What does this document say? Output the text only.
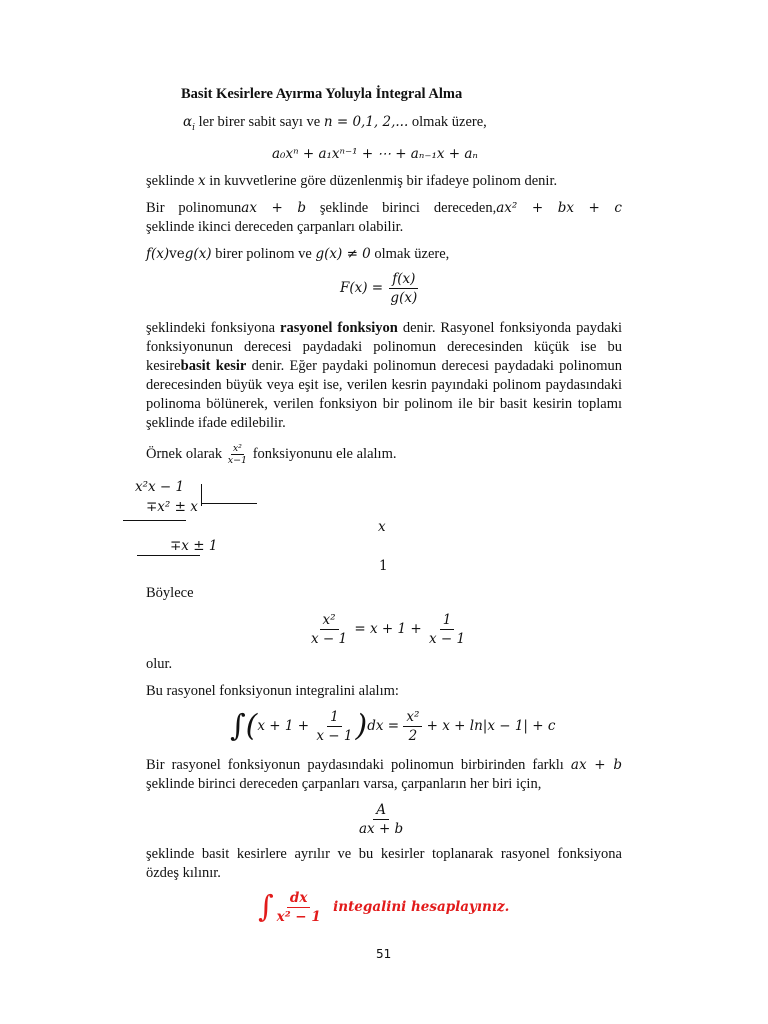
Basit Kesirlere Ayırma Yoluyla İntegral Alma
$\alpha_i$ ler birer sabit sayı ve n = 0,1, 2,... olmak üzere,
a₀xⁿ + a₁xⁿ⁻¹ + ⋯ + aₙ₋₁x + aₙ
şeklinde x in kuvvetlerine göre düzenlenmiş bir ifadeye polinom denir.
Bir polinomunax + b şeklinde birinci dereceden,ax² + bx + c şeklinde ikinci dereceden çarpanları olabilir.
f(x)veg(x) birer polinom ve g(x) ≠ 0 olmak üzere,
$F(x) = \frac{f(x)}{g(x)}$
şeklindeki fonksiyona rasyonel fonksiyon denir. Rasyonel fonksiyonda paydaki fonksiyonunun derecesi paydadaki polinomun derecesinden küçük ise bu kesirebasit kesir denir. Eğer paydaki polinomun derecesi paydadaki polinomun derecesinden büyük veya eşit ise, verilen kesrin payındaki polinom paydasındaki polinoma bölünerek, verilen fonksiyon bir polinom ile bir basit kesirin toplamı şeklinde ifade edilebilir.
Örnek olarak $\frac{\text{x²}}{x-1}$ fonksiyonunu ele alalım.
x²x − 1
∓x² ± x
x
∓x ± 1
1
Böylece
$\frac{\text{x²}}{x - 1} = x + 1 + \frac{1}{x - 1}$
olur.
Bu rasyonel fonksiyonun integralini alalım:
$\int(x + 1 + \frac{1}{x - 1} )dx = \frac{\text{x²}}{2} + x + \ln|x - 1| + c$
Bir rasyonel fonksiyonun paydasındaki polinomun birbirinden farklı ax + b şeklinde birinci dereceden çarpanları varsa, çarpanların her biri için,
$\frac{A}{ax + b}$
şeklinde basit kesirlere ayrılır ve bu kesirler toplanarak rasyonel fonksiyona özdeş kılınır.
∫ $\frac{dx}{\text{x² − 1}}$ integalini hesaplayınız.
51
